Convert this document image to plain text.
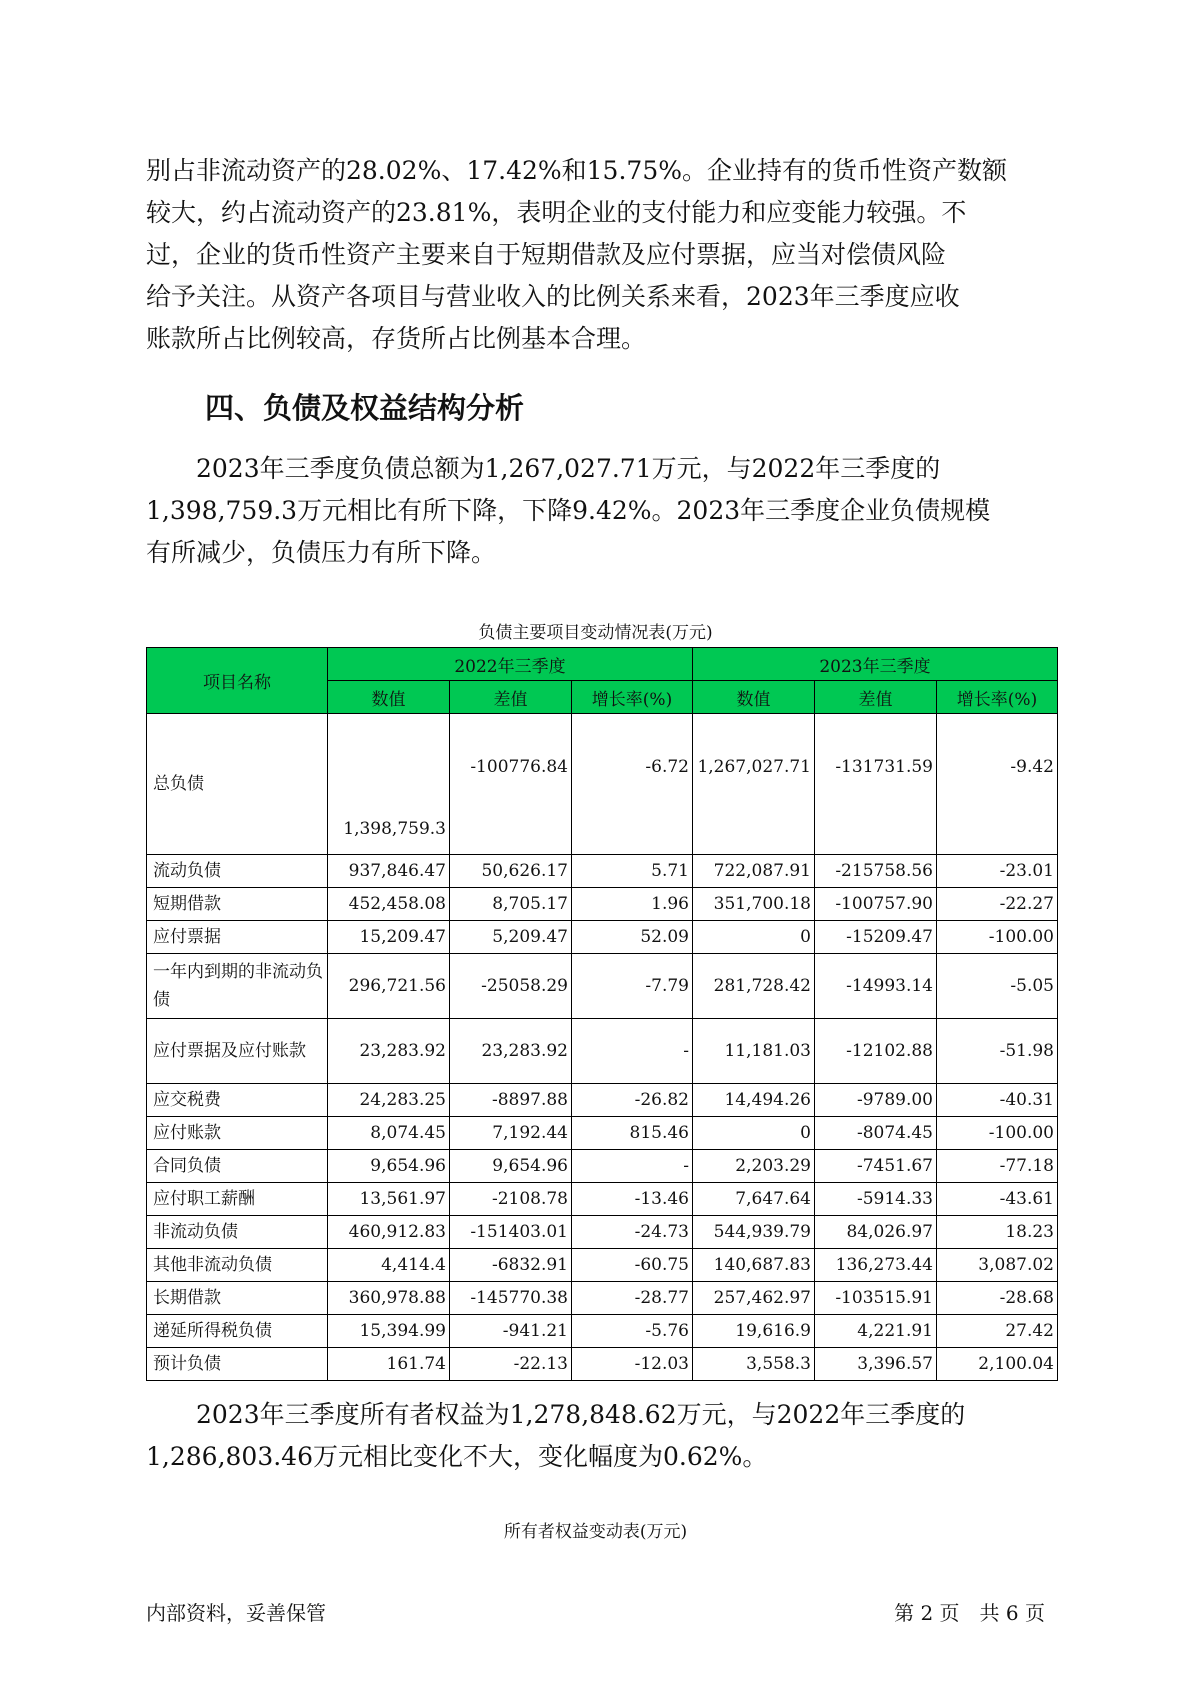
别占非流动资产的28.02%、17.42%和15.75%。企业持有的货币性资产数额
较大，约占流动资产的23.81%，表明企业的支付能力和应变能力较强。不
过，企业的货币性资产主要来自于短期借款及应付票据，应当对偿债风险
给予关注。从资产各项目与营业收入的比例关系来看，2023年三季度应收
账款所占比例较高，存货所占比例基本合理。

四、负债及权益结构分析

　　2023年三季度负债总额为1,267,027.71万元，与2022年三季度的
1,398,759.3万元相比有所下降，下降9.42%。2023年三季度企业负债规模
有所减少，负债压力有所下降。

负债主要项目变动情况表(万元)

项目名称	2022年三季度			2023年三季度		
	数值	差值	增长率(%)	数值	差值	增长率(%)
总负债	1,398,759.3	-100776.84	-6.72	1,267,027.71	-131731.59	-9.42
流动负债	937,846.47	50,626.17	5.71	722,087.91	-215758.56	-23.01
短期借款	452,458.08	8,705.17	1.96	351,700.18	-100757.90	-22.27
应付票据	15,209.47	5,209.47	52.09	0	-15209.47	-100.00
一年内到期的非流动负债	296,721.56	-25058.29	-7.79	281,728.42	-14993.14	-5.05
应付票据及应付账款	23,283.92	23,283.92	-	11,181.03	-12102.88	-51.98
应交税费	24,283.25	-8897.88	-26.82	14,494.26	-9789.00	-40.31
应付账款	8,074.45	7,192.44	815.46	0	-8074.45	-100.00
合同负债	9,654.96	9,654.96	-	2,203.29	-7451.67	-77.18
应付职工薪酬	13,561.97	-2108.78	-13.46	7,647.64	-5914.33	-43.61
非流动负债	460,912.83	-151403.01	-24.73	544,939.79	84,026.97	18.23
其他非流动负债	4,414.4	-6832.91	-60.75	140,687.83	136,273.44	3,087.02
长期借款	360,978.88	-145770.38	-28.77	257,462.97	-103515.91	-28.68
递延所得税负债	15,394.99	-941.21	-5.76	19,616.9	4,221.91	27.42
预计负债	161.74	-22.13	-12.03	3,558.3	3,396.57	2,100.04

　　2023年三季度所有者权益为1,278,848.62万元，与2022年三季度的
1,286,803.46万元相比变化不大，变化幅度为0.62%。

所有者权益变动表(万元)

内部资料，妥善保管	第 2 页　共 6 页
